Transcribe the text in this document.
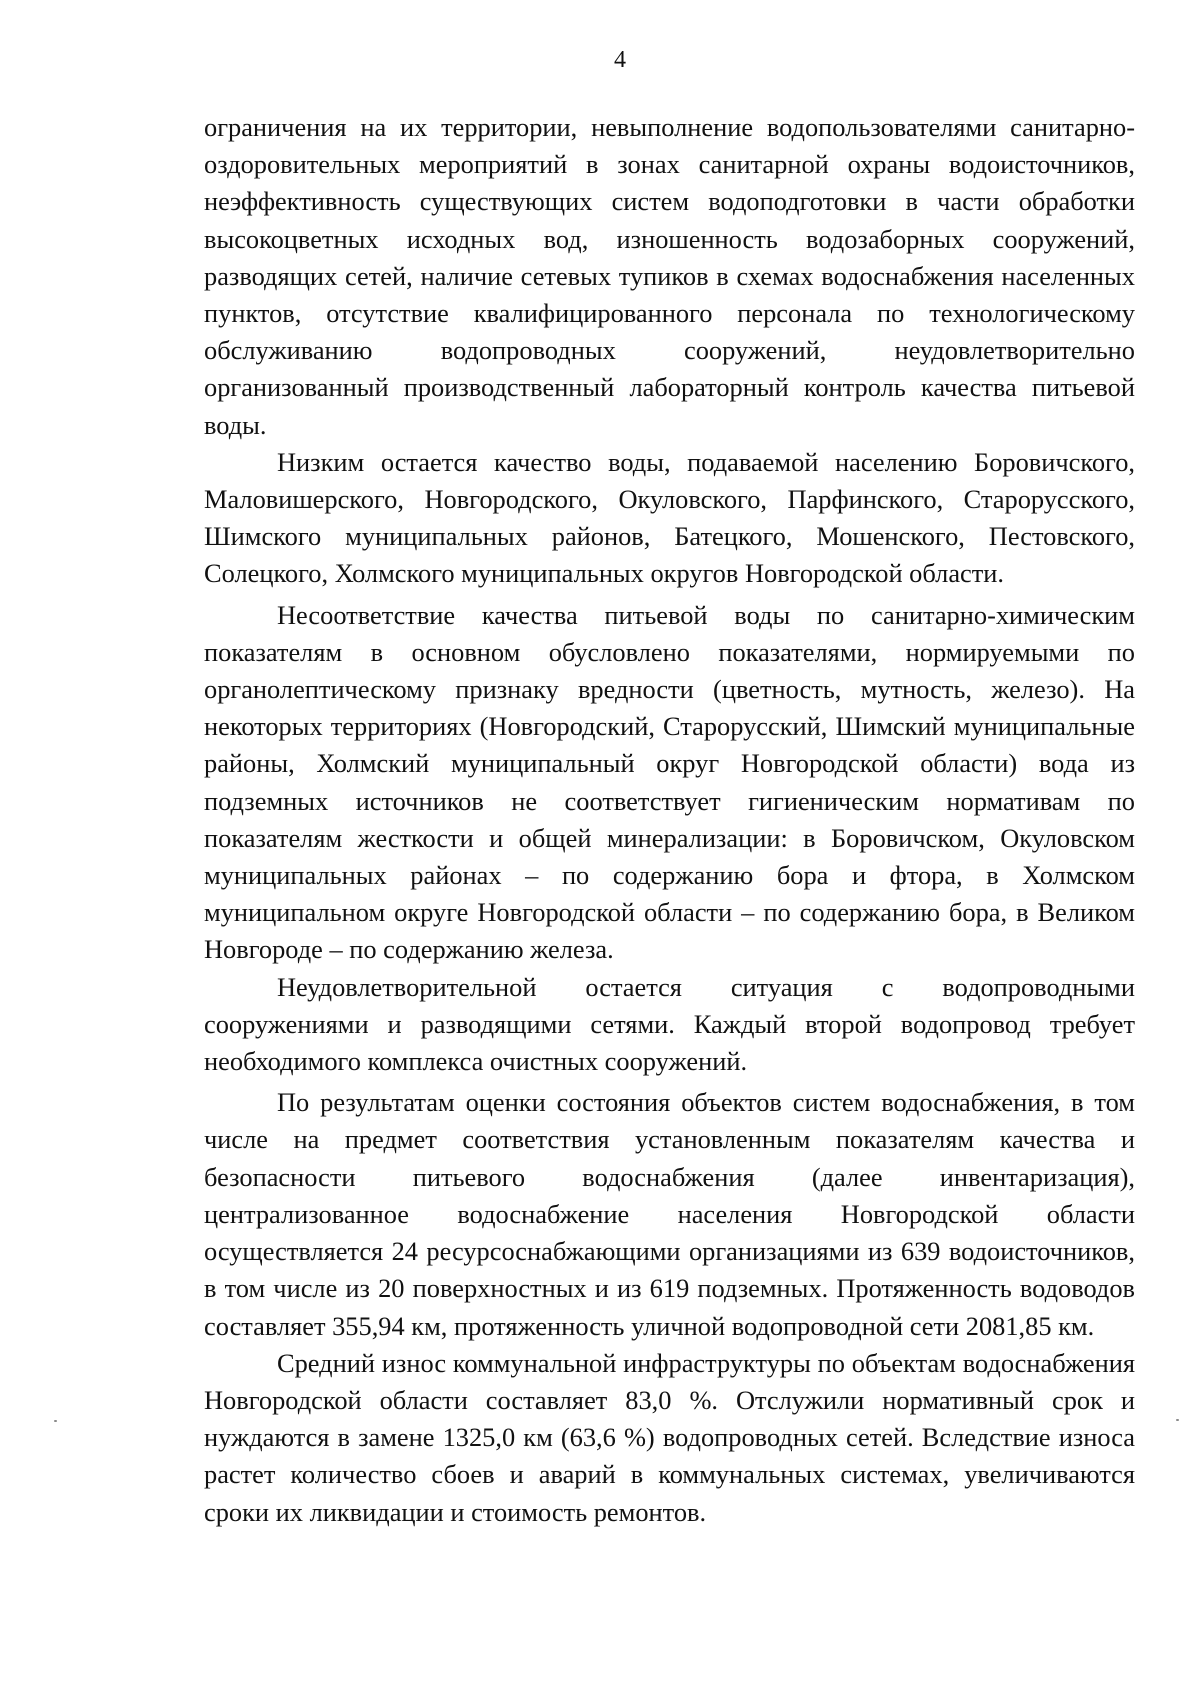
4

ограничения на их территории, невыполнение водопользователями санитарно-оздоровительных мероприятий в зонах санитарной охраны водоисточников, неэффективность существующих систем водоподготовки в части обработки высокоцветных исходных вод, изношенность водозаборных сооружений, разводящих сетей, наличие сетевых тупиков в схемах водоснабжения населенных пунктов, отсутствие квалифицированного персонала по технологическому обслуживанию водопроводных сооружений, неудовлетворительно организованный производственный лабораторный контроль качества питьевой воды.

Низким остается качество воды, подаваемой населению Боровичского, Маловишерского, Новгородского, Окуловского, Парфинского, Старорусского, Шимского муниципальных районов, Батецкого, Мошенского, Пестовского, Солецкого, Холмского муниципальных округов Новгородской области.

Несоответствие качества питьевой воды по санитарно-химическим показателям в основном обусловлено показателями, нормируемыми по органолептическому признаку вредности (цветность, мутность, железо). На некоторых территориях (Новгородский, Старорусский, Шимский муниципальные районы, Холмский муниципальный округ Новгородской области) вода из подземных источников не соответствует гигиеническим нормативам по показателям жесткости и общей минерализации: в Боровичском, Окуловском муниципальных районах – по содержанию бора и фтора, в Холмском муниципальном округе Новгородской области – по содержанию бора, в Великом Новгороде – по содержанию железа.

Неудовлетворительной остается ситуация с водопроводными сооружениями и разводящими сетями. Каждый второй водопровод требует необходимого комплекса очистных сооружений.

По результатам оценки состояния объектов систем водоснабжения, в том числе на предмет соответствия установленным показателям качества и безопасности питьевого водоснабжения (далее инвентаризация), централизованное водоснабжение населения Новгородской области осуществляется 24 ресурсоснабжающими организациями из 639 водоисточников, в том числе из 20 поверхностных и из 619 подземных. Протяженность водоводов составляет 355,94 км, протяженность уличной водопроводной сети 2081,85 км.

Средний износ коммунальной инфраструктуры по объектам водоснабжения Новгородской области составляет 83,0 %. Отслужили нормативный срок и нуждаются в замене 1325,0 км (63,6 %) водопроводных сетей. Вследствие износа растет количество сбоев и аварий в коммунальных системах, увеличиваются сроки их ликвидации и стоимость ремонтов.
